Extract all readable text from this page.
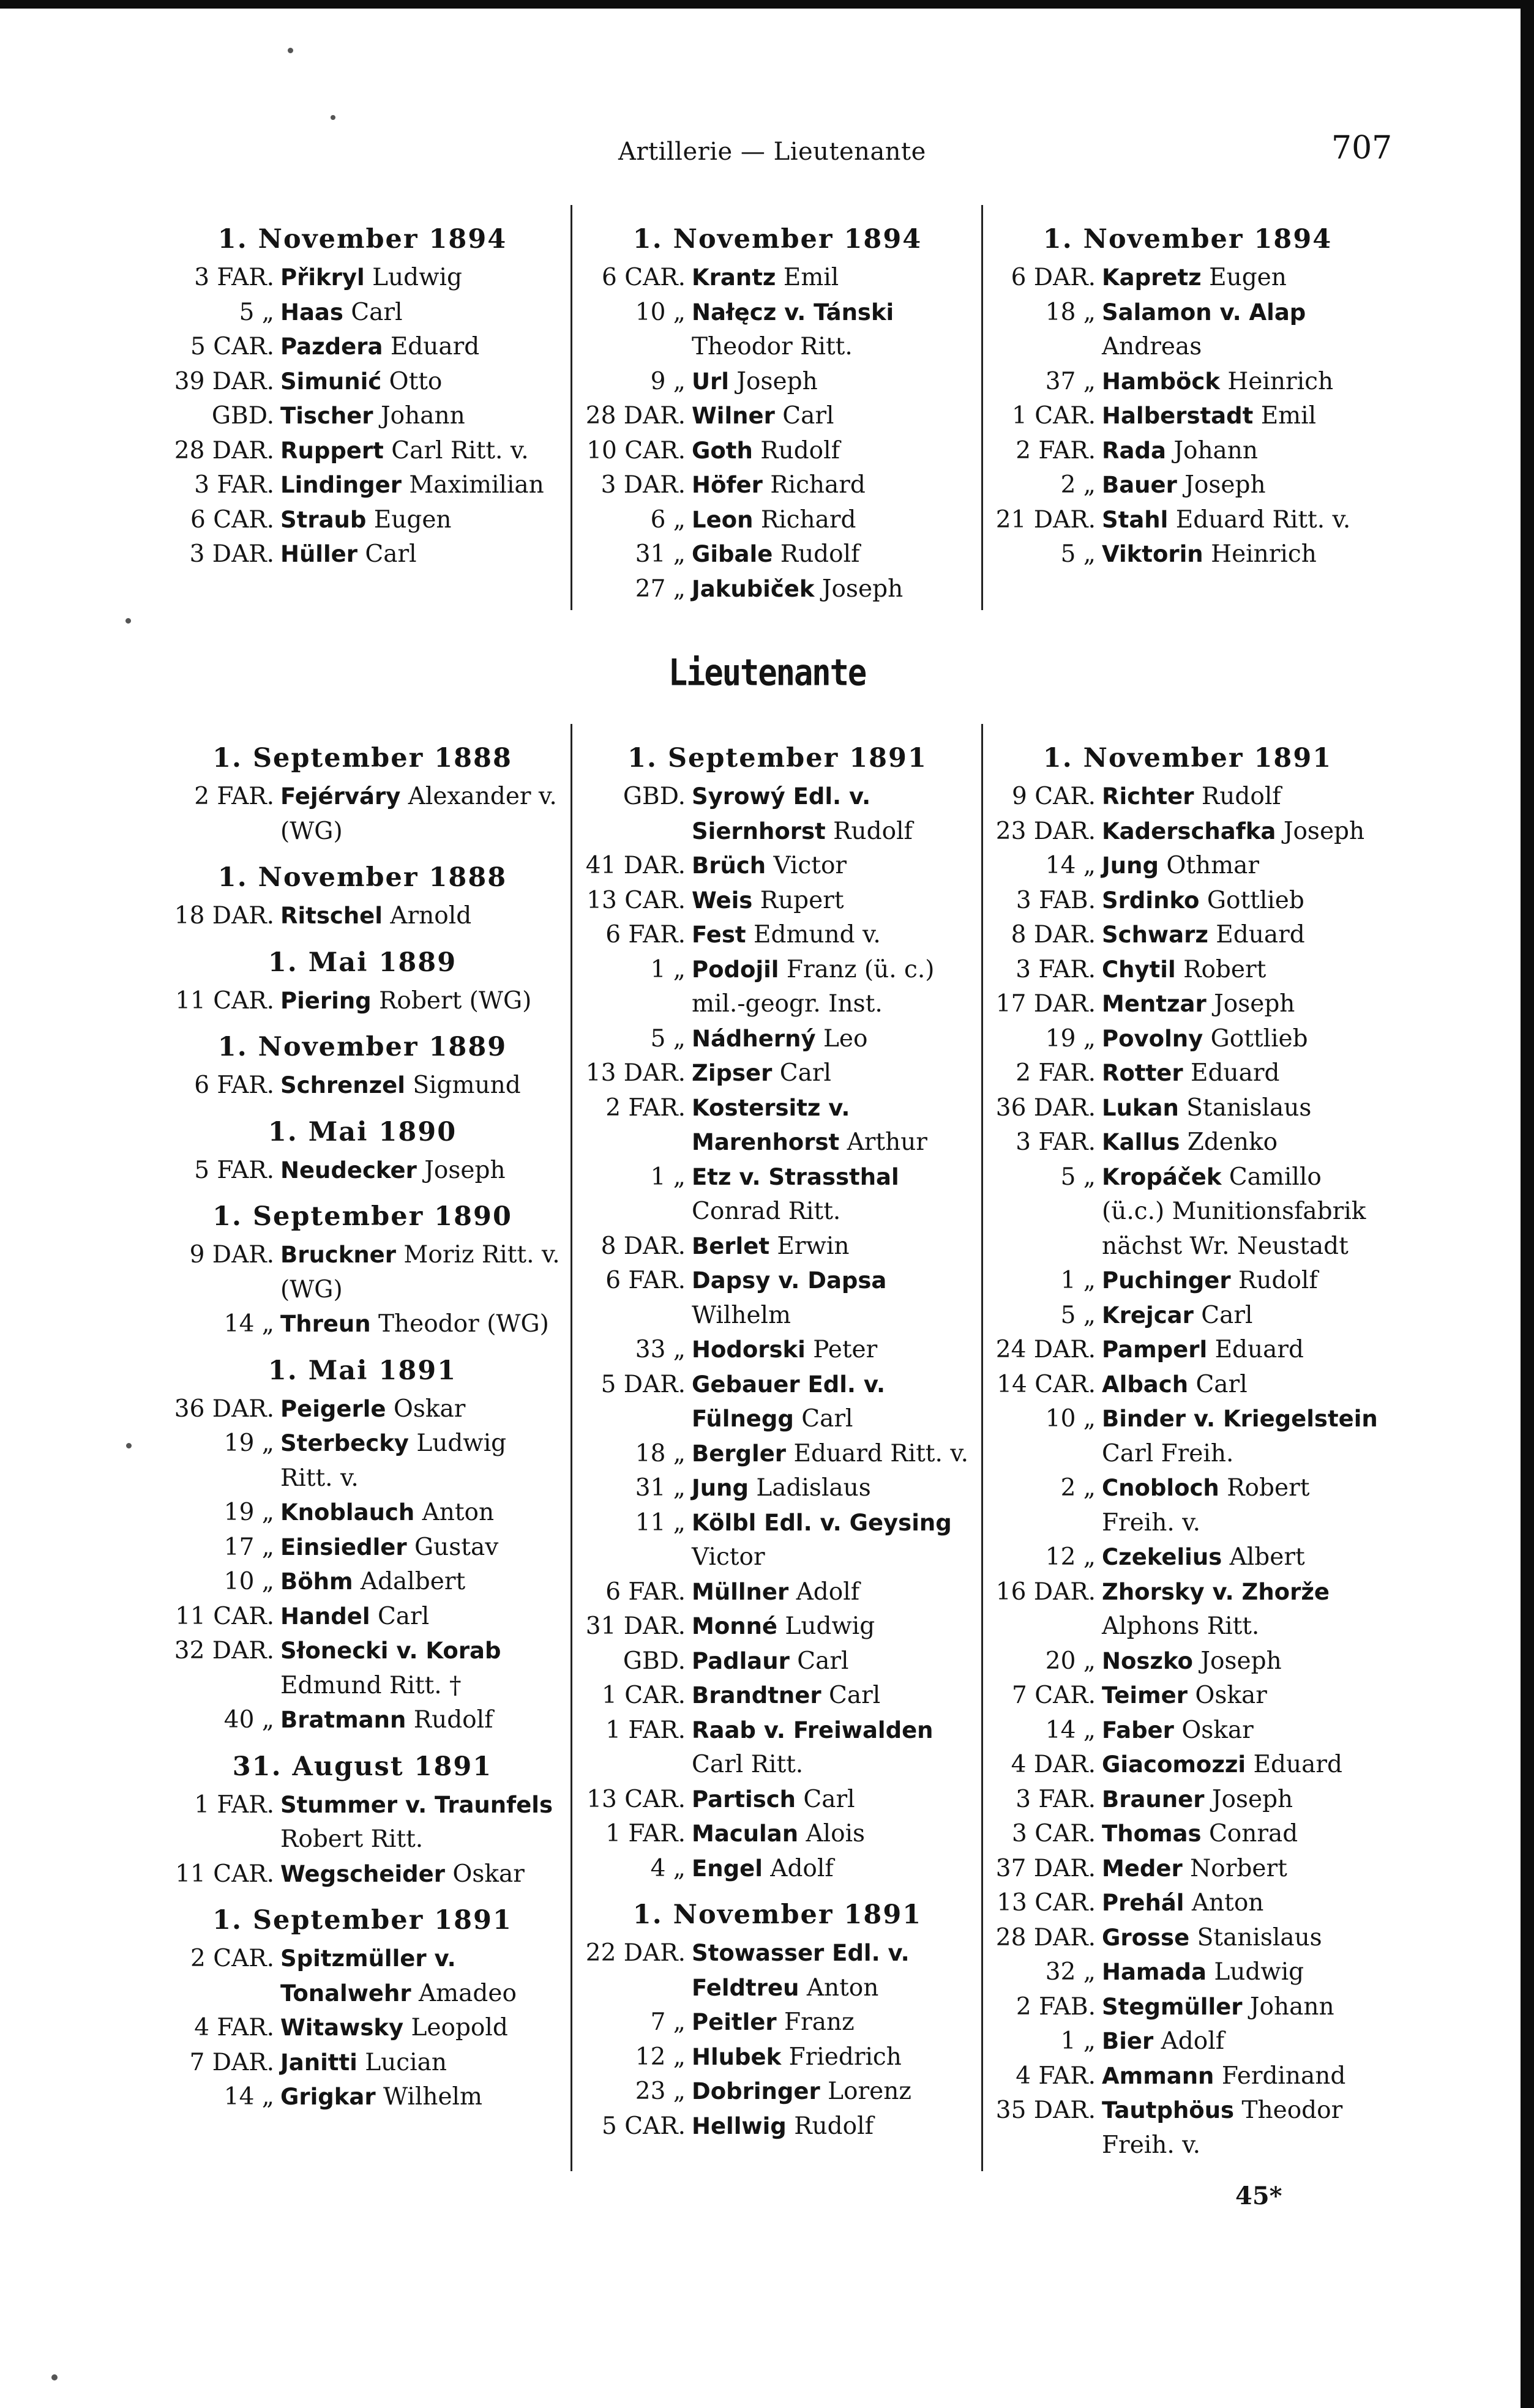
Artillerie — Lieutenante	707
Lieutenante
1. November 1894
3 FAR. Přikryl Ludwig
5 „ Haas Carl
5 CAR. Pazdera Eduard
39 DAR. Simunić Otto
GBD. Tischer Johann
28 DAR. Ruppert Carl Ritt. v.
3 FAR. Lindinger Maximilian
6 CAR. Straub Eugen
3 DAR. Hüller Carl
1. November 1894
6 CAR. Krantz Emil
10 „ Nałęcz v. Tánski Theodor Ritt.
9 „ Url Joseph
28 DAR. Wilner Carl
10 CAR. Goth Rudolf
3 DAR. Höfer Richard
6 „ Leon Richard
31 „ Gibale Rudolf
27 „ Jakubiček Joseph
1. November 1894
6 DAR. Kapretz Eugen
18 „ Salamon v. Alap Andreas
37 „ Hamböck Heinrich
1 CAR. Halberstadt Emil
2 FAR. Rada Johann
2 „ Bauer Joseph
21 DAR. Stahl Eduard Ritt. v.
5 „ Viktorin Heinrich
1. September 1888
2 FAR. Fejérváry Alexander v. (WG)
1. November 1888
18 DAR. Ritschel Arnold
1. Mai 1889
11 CAR. Piering Robert (WG)
1. November 1889
6 FAR. Schrenzel Sigmund
1. Mai 1890
5 FAR. Neudecker Joseph
1. September 1890
9 DAR. Bruckner Moriz Ritt. v. (WG)
14 „ Threun Theodor (WG)
1. Mai 1891
36 DAR. Peigerle Oskar
19 „ Sterbecky Ludwig Ritt. v.
19 „ Knoblauch Anton
17 „ Einsiedler Gustav
10 „ Böhm Adalbert
11 CAR. Handel Carl
32 DAR. Słonecki v. Korab Edmund Ritt. †
40 „ Bratmann Rudolf
31. August 1891
1 FAR. Stummer v. Traunfels Robert Ritt.
11 CAR. Wegscheider Oskar
1. September 1891
2 CAR. Spitzmüller v. Tonalwehr Amadeo
4 FAR. Witawsky Leopold
7 DAR. Janitti Lucian
14 „ Grigkar Wilhelm
1. September 1891
GBD. Syrowý Edl. v. Siernhorst Rudolf
41 DAR. Brüch Victor
13 CAR. Weis Rupert
6 FAR. Fest Edmund v.
1 „ Podojil Franz (ü. c.) mil.-geogr. Inst.
5 „ Nádherný Leo
13 DAR. Zipser Carl
2 FAR. Kostersitz v. Marenhorst Arthur
1 „ Etz v. Strassthal Conrad Ritt.
8 DAR. Berlet Erwin
6 FAR. Dapsy v. Dapsa Wilhelm
33 „ Hodorski Peter
5 DAR. Gebauer Edl. v. Fülnegg Carl
18 „ Bergler Eduard Ritt. v.
31 „ Jung Ladislaus
11 „ Kölbl Edl. v. Geysing Victor
6 FAR. Müllner Adolf
31 DAR. Monné Ludwig
GBD. Padlaur Carl
1 CAR. Brandtner Carl
1 FAR. Raab v. Freiwalden Carl Ritt.
13 CAR. Partisch Carl
1 FAR. Maculan Alois
4 „ Engel Adolf
1. November 1891
22 DAR. Stowasser Edl. v. Feldtreu Anton
7 „ Peitler Franz
12 „ Hlubek Friedrich
23 „ Dobringer Lorenz
5 CAR. Hellwig Rudolf
1. November 1891
9 CAR. Richter Rudolf
23 DAR. Kaderschafka Joseph
14 „ Jung Othmar
3 FAB. Srdinko Gottlieb
8 DAR. Schwarz Eduard
3 FAR. Chytil Robert
17 DAR. Mentzar Joseph
19 „ Povolny Gottlieb
2 FAR. Rotter Eduard
36 DAR. Lukan Stanislaus
3 FAR. Kallus Zdenko
5 „ Kropáček Camillo (ü.c.) Munitionsfabrik nächst Wr. Neustadt
1 „ Puchinger Rudolf
5 „ Krejcar Carl
24 DAR. Pamperl Eduard
14 CAR. Albach Carl
10 „ Binder v. Kriegelstein Carl Freih.
2 „ Cnobloch Robert Freih. v.
12 „ Czekelius Albert
16 DAR. Zhorsky v. Zhorže Alphons Ritt.
20 „ Noszko Joseph
7 CAR. Teimer Oskar
14 „ Faber Oskar
4 DAR. Giacomozzi Eduard
3 FAR. Brauner Joseph
3 CAR. Thomas Conrad
37 DAR. Meder Norbert
13 CAR. Prehál Anton
28 DAR. Grosse Stanislaus
32 „ Hamada Ludwig
2 FAB. Stegmüller Johann
1 „ Bier Adolf
4 FAR. Ammann Ferdinand
35 DAR. Tautphöus Theodor Freih. v.
45*
